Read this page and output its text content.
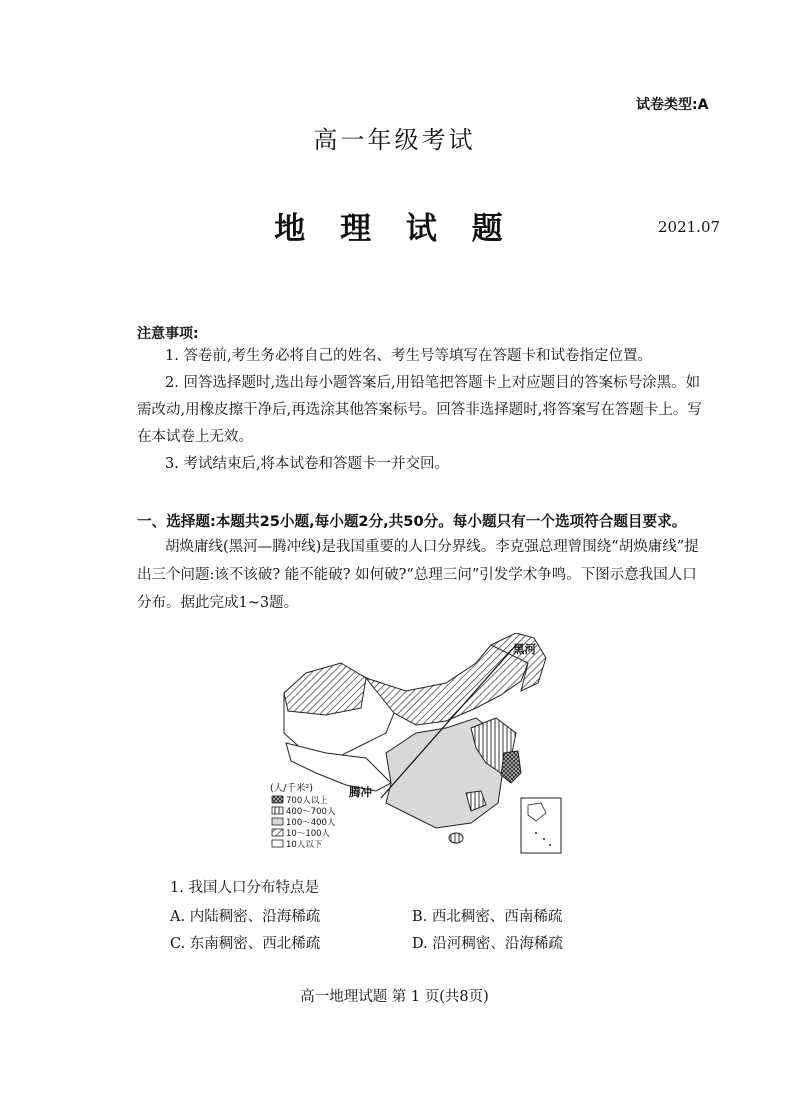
试卷类型:A
高一年级考试
地 理 试 题	2021.07
注意事项:
1. 答卷前,考生务必将自己的姓名、考生号等填写在答题卡和试卷指定位置。
2. 回答选择题时,选出每小题答案后,用铅笔把答题卡上对应题目的答案标号涂黑。如需改动,用橡皮擦干净后,再选涂其他答案标号。回答非选择题时,将答案写在答题卡上。写在本试卷上无效。
3. 考试结束后,将本试卷和答题卡一并交回。
一、选择题:本题共25小题,每小题2分,共50分。每小题只有一个选项符合题目要求。
胡焕庸线(黑河—腾冲线)是我国重要的人口分界线。李克强总理曾围绕“胡焕庸线”提出三个问题:该不该破? 能不能破? 如何破?“总理三问”引发学术争鸣。下图示意我国人口分布。据此完成1~3题。
黑河
腾冲
(人/千米²)
700人以上
400～700人
100～400人
10～100人
10人以下
1. 我国人口分布特点是
A. 内陆稠密、沿海稀疏	B. 西北稠密、西南稀疏
C. 东南稠密、西北稀疏	D. 沿河稠密、沿海稀疏
高一地理试题 第 1 页(共8页)
